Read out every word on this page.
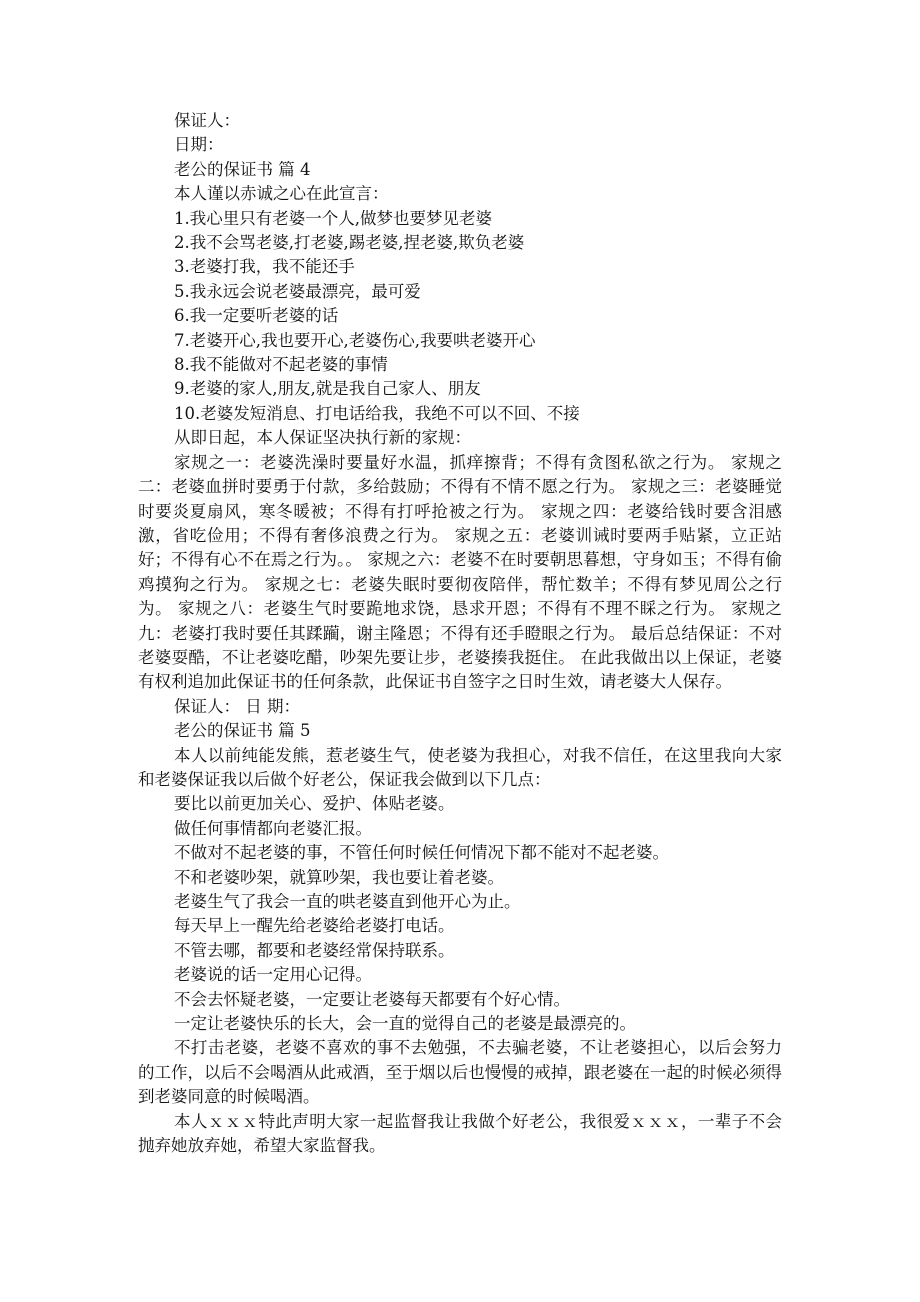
保证人：
日期：
老公的保证书 篇 4
本人谨以赤诚之心在此宣言：
1.我心里只有老婆一个人,做梦也要梦见老婆
2.我不会骂老婆,打老婆,踢老婆,捏老婆,欺负老婆
3.老婆打我，我不能还手
5.我永远会说老婆最漂亮，最可爱
6.我一定要听老婆的话
7.老婆开心,我也要开心,老婆伤心,我要哄老婆开心
8.我不能做对不起老婆的事情
9.老婆的家人,朋友,就是我自己家人、朋友
10.老婆发短消息、打电话给我，我绝不可以不回、不接
从即日起，本人保证坚决执行新的家规：
家规之一：老婆洗澡时要量好水温，抓痒擦背；不得有贪图私欲之行为。 家规之二：老婆血拼时要勇于付款，多给鼓励；不得有不情不愿之行为。 家规之三：老婆睡觉时要炎夏扇风，寒冬暖被；不得有打呼抢被之行为。 家规之四：老婆给钱时要含泪感激，省吃俭用；不得有奢侈浪费之行为。 家规之五：老婆训诫时要两手贴紧，立正站好；不得有心不在焉之行为。。 家规之六：老婆不在时要朝思暮想，守身如玉；不得有偷鸡摸狗之行为。 家规之七：老婆失眠时要彻夜陪伴，帮忙数羊；不得有梦见周公之行为。 家规之八：老婆生气时要跪地求饶，恳求开恩；不得有不理不睬之行为。 家规之九：老婆打我时要任其蹂躏，谢主隆恩；不得有还手瞪眼之行为。 最后总结保证：不对老婆耍酷，不让老婆吃醋，吵架先要让步，老婆揍我挺住。 在此我做出以上保证，老婆有权利追加此保证书的任何条款，此保证书自签字之日时生效，请老婆大人保存。
保证人： 日 期：
老公的保证书 篇 5
本人以前纯能发熊，惹老婆生气，使老婆为我担心，对我不信任，在这里我向大家和老婆保证我以后做个好老公，保证我会做到以下几点：
要比以前更加关心、爱护、体贴老婆。
做任何事情都向老婆汇报。
不做对不起老婆的事，不管任何时候任何情况下都不能对不起老婆。
不和老婆吵架，就算吵架，我也要让着老婆。
老婆生气了我会一直的哄老婆直到他开心为止。
每天早上一醒先给老婆给老婆打电话。
不管去哪，都要和老婆经常保持联系。
老婆说的话一定用心记得。
不会去怀疑老婆，一定要让老婆每天都要有个好心情。
一定让老婆快乐的长大，会一直的觉得自己的老婆是最漂亮的。
不打击老婆，老婆不喜欢的事不去勉强，不去骗老婆，不让老婆担心，以后会努力的工作，以后不会喝酒从此戒酒，至于烟以后也慢慢的戒掉，跟老婆在一起的时候必须得到老婆同意的时候喝酒。
本人ｘｘｘ特此声明大家一起监督我让我做个好老公，我很爱ｘｘｘ，一辈子不会抛弃她放弃她，希望大家监督我。
